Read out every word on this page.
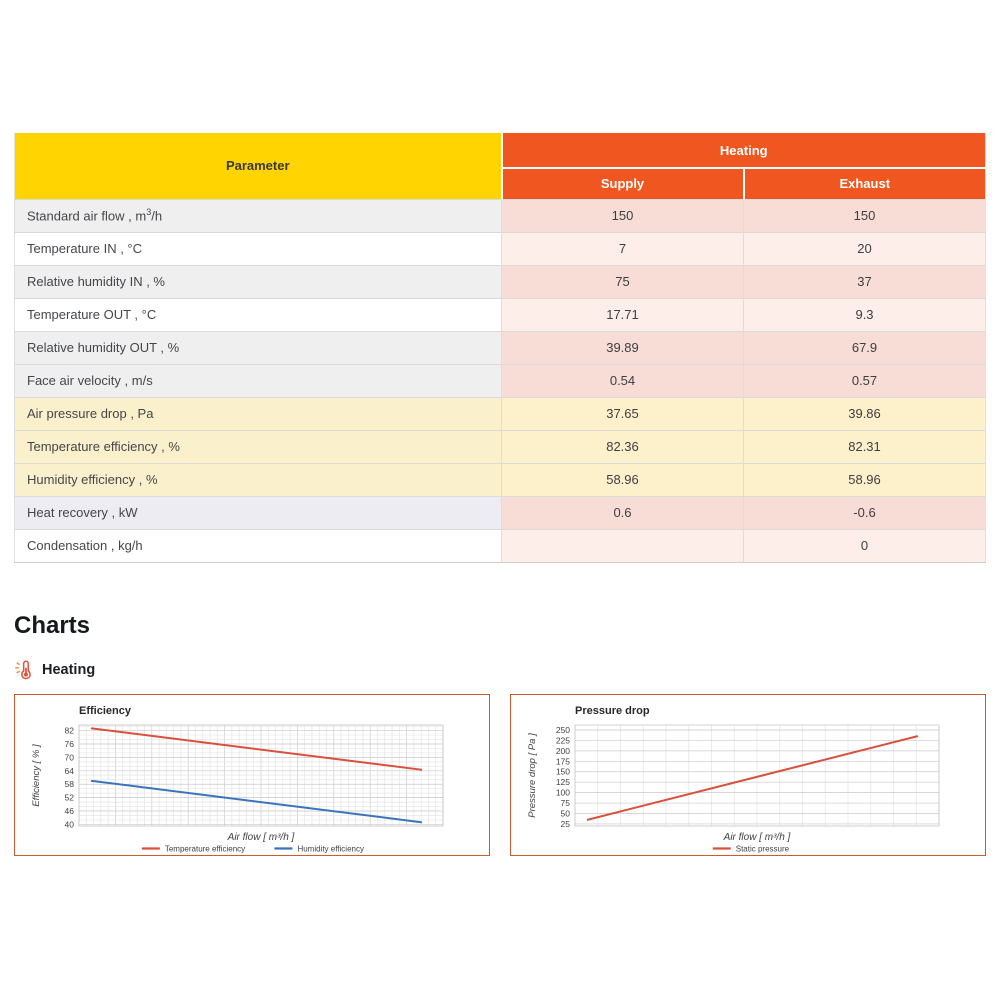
Parameter	Heating	
	Supply	Exhaust
Standard air flow , $m^3/h$	150	150
Temperature IN , °C	7	20
Relative humidity IN , %	75	37
Temperature OUT , °C	17.71	9.3
Relative humidity OUT , %	39.89	67.9
Face air velocity , m/s	0.54	0.57
Air pressure drop , Pa	37.65	39.86
Temperature efficiency , %	82.36	82.31
Humidity efficiency , %	58.96	58.96
Heat recovery , kW	0.6	-0.6
Condensation , kg/h		0
Charts
Heating
40
46
52
58
64
70
76
82
Efficiency
Efficiency [ % ]
Air flow [ m³/h ]
Temperature efficiency	Humidity efficiency
25
50
75
100
125
150
175
200
225
250
Pressure drop
Pressure drop [ Pa ]
Air flow [ m³/h ]
Static pressure
